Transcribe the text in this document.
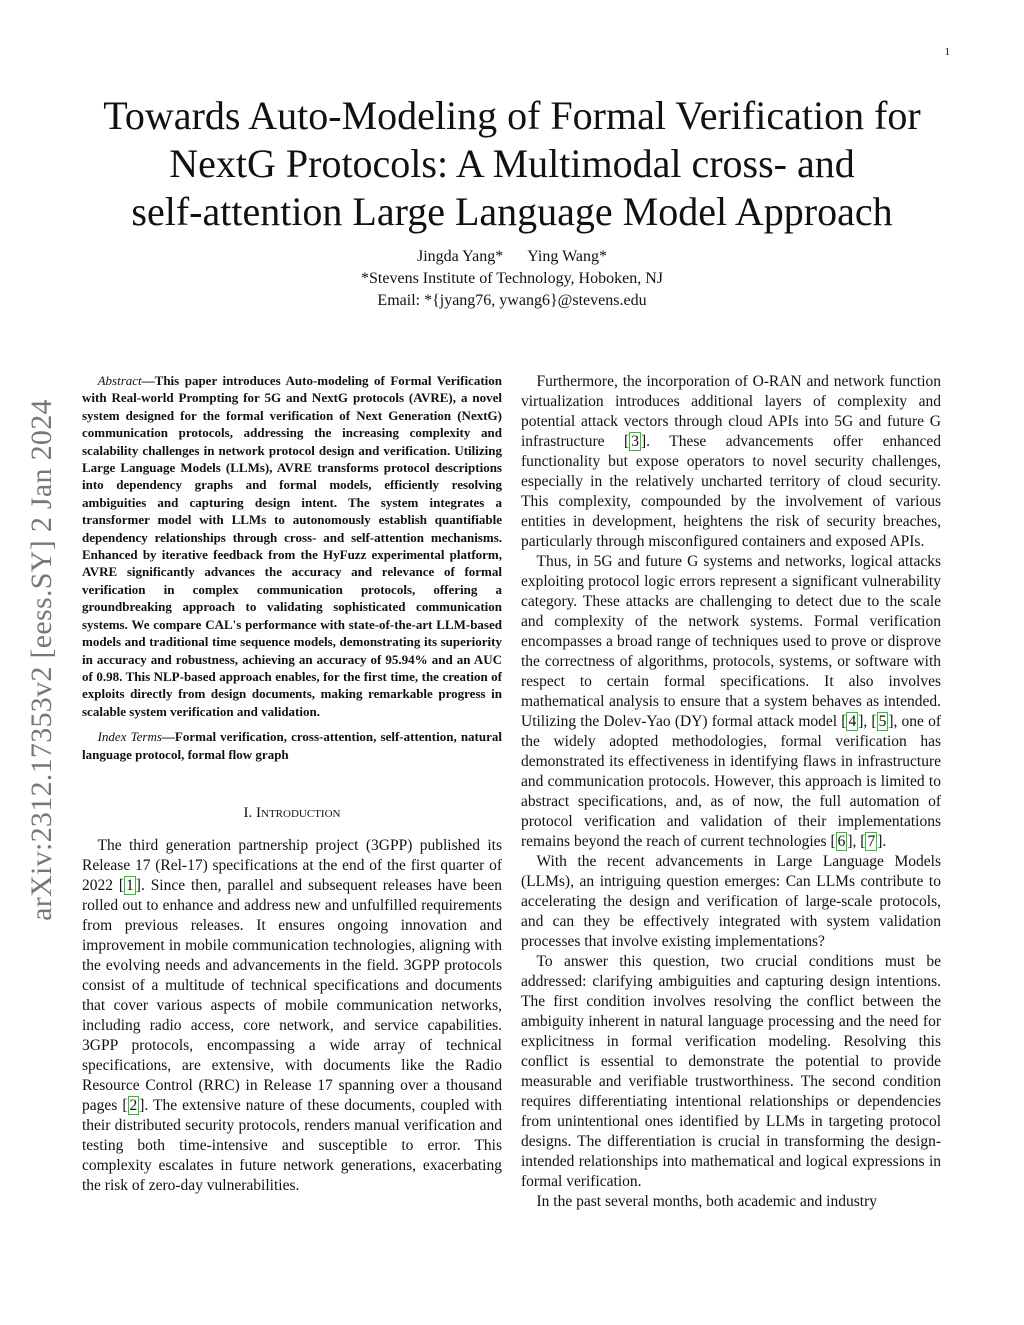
1
Towards Auto-Modeling of Formal Verification for
NextG Protocols: A Multimodal cross- and
self-attention Large Language Model Approach
Jingda Yang* Ying Wang*
*Stevens Institute of Technology, Hoboken, NJ
Email: *{jyang76, ywang6}@stevens.edu
arXiv:2312.17353v2 [eess.SY] 2 Jan 2024

Abstract—This paper introduces Auto-modeling of Formal Verification with Real-world Prompting for 5G and NextG protocols (AVRE), a novel system designed for the formal verification of Next Generation (NextG) communication protocols, addressing the increasing complexity and scalability challenges in network protocol design and verification. Utilizing Large Language Models (LLMs), AVRE transforms protocol descriptions into dependency graphs and formal models, efficiently resolving ambiguities and capturing design intent. The system integrates a transformer model with LLMs to autonomously establish quantifiable dependency relationships through cross- and self-attention mechanisms. Enhanced by iterative feedback from the HyFuzz experimental platform, AVRE significantly advances the accuracy and relevance of formal verification in complex communication protocols, offering a groundbreaking approach to validating sophisticated communication systems. We compare CAL's performance with state-of-the-art LLM-based models and traditional time sequence models, demonstrating its superiority in accuracy and robustness, achieving an accuracy of 95.94% and an AUC of 0.98. This NLP-based approach enables, for the first time, the creation of exploits directly from design documents, making remarkable progress in scalable system verification and validation.

Index Terms—Formal verification, cross-attention, self-attention, natural language protocol, formal flow graph

I. Introduction

The third generation partnership project (3GPP) published its Release 17 (Rel-17) specifications at the end of the first quarter of 2022 [ 1 ]. Since then, parallel and subsequent releases have been rolled out to enhance and address new and unfulfilled requirements from previous releases. It ensures ongoing innovation and improvement in mobile communication technologies, aligning with the evolving needs and advancements in the field. 3GPP protocols consist of a multitude of technical specifications and documents that cover various aspects of mobile communication networks, including radio access, core network, and service capabilities. 3GPP protocols, encompassing a wide array of technical specifications, are extensive, with documents like the Radio Resource Control (RRC) in Release 17 spanning over a thousand pages [ 2 ]. The extensive nature of these documents, coupled with their distributed security protocols, renders manual verification and testing both time-intensive and susceptible to error. This complexity escalates in future network generations, exacerbating the risk of zero-day vulnerabilities.

Furthermore, the incorporation of O-RAN and network function virtualization introduces additional layers of complexity and potential attack vectors through cloud APIs into 5G and future G infrastructure [ 3 ]. These advancements offer enhanced functionality but expose operators to novel security challenges, especially in the relatively uncharted territory of cloud security. This complexity, compounded by the involvement of various entities in development, heightens the risk of security breaches, particularly through misconfigured containers and exposed APIs.

Thus, in 5G and future G systems and networks, logical attacks exploiting protocol logic errors represent a significant vulnerability category. These attacks are challenging to detect due to the scale and complexity of the network systems. Formal verification encompasses a broad range of techniques used to prove or disprove the correctness of algorithms, protocols, systems, or software with respect to certain formal specifications. It also involves mathematical analysis to ensure that a system behaves as intended. Utilizing the Dolev-Yao (DY) formal attack model [ 4 ], [ 5 ], one of the widely adopted methodologies, formal verification has demonstrated its effectiveness in identifying flaws in infrastructure and communication protocols. However, this approach is limited to abstract specifications, and, as of now, the full automation of protocol verification and validation of their implementations remains beyond the reach of current technologies [ 6 ], [ 7 ].

With the recent advancements in Large Language Models (LLMs), an intriguing question emerges: Can LLMs contribute to accelerating the design and verification of large-scale protocols, and can they be effectively integrated with system validation processes that involve existing implementations?

To answer this question, two crucial conditions must be addressed: clarifying ambiguities and capturing design intentions. The first condition involves resolving the conflict between the ambiguity inherent in natural language processing and the need for explicitness in formal verification modeling. Resolving this conflict is essential to demonstrate the potential to provide measurable and verifiable trustworthiness. The second condition requires differentiating intentional relationships or dependencies from unintentional ones identified by LLMs in targeting protocol designs. The differentiation is crucial in transforming the design-intended relationships into mathematical and logical expressions in formal verification.

In the past several months, both academic and industry
